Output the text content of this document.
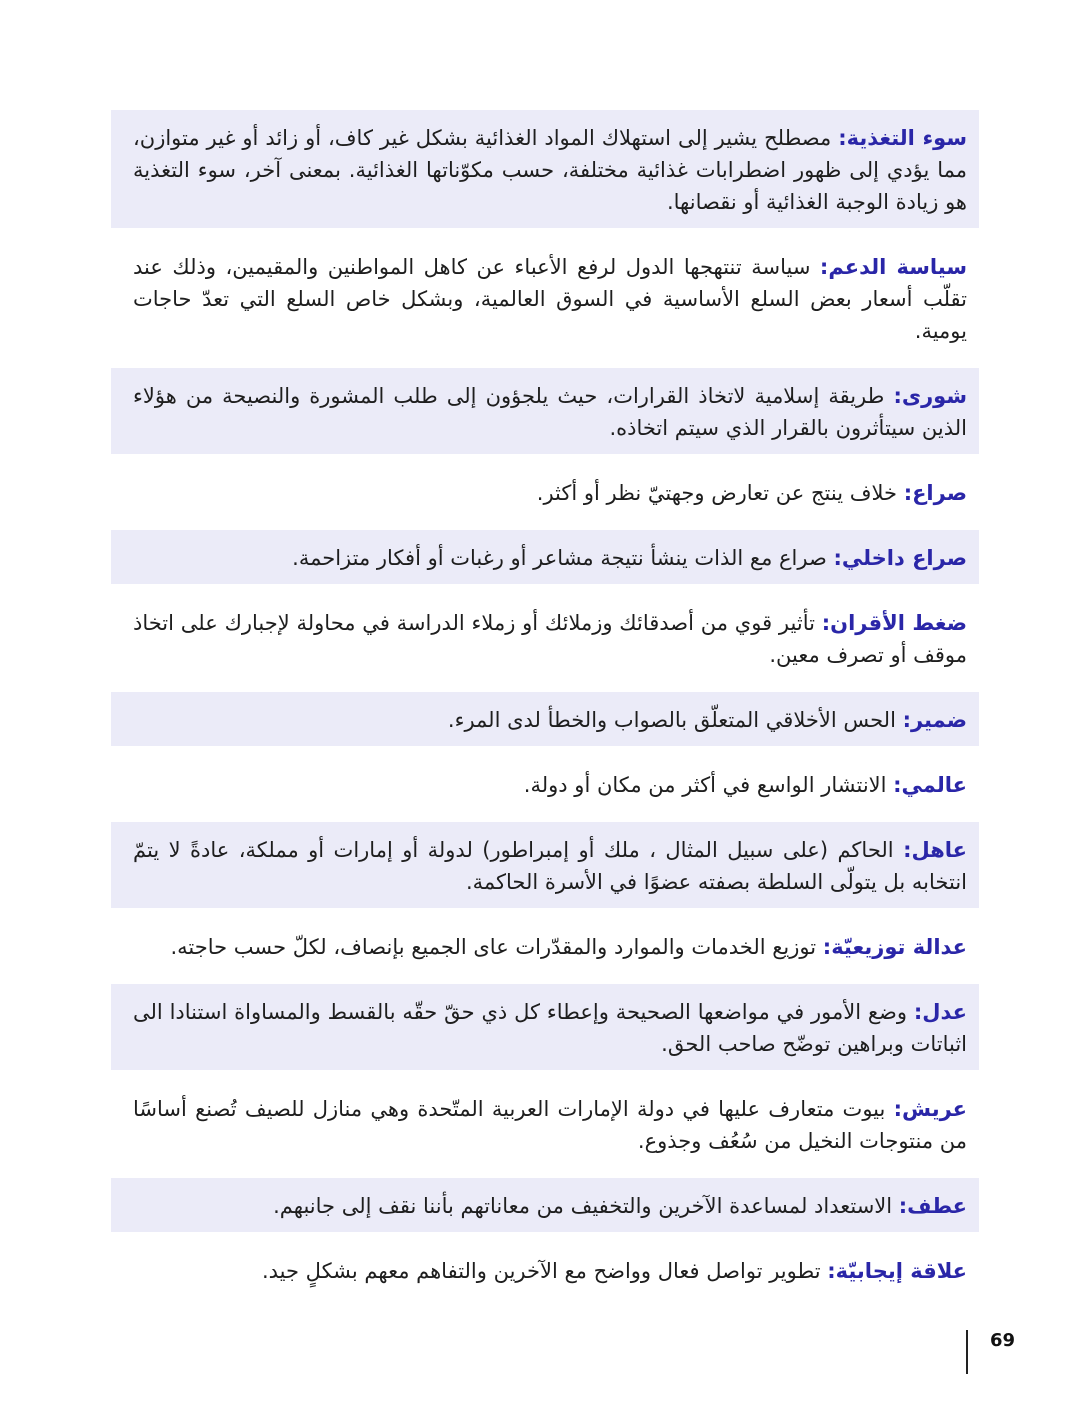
سوء التغذية: مصطلح يشير إلى استهلاك المواد الغذائية بشكل غير كاف، أو زائد أو غير متوازن، مما يؤدي إلى ظهور اضطرابات غذائية مختلفة، حسب مكوّناتها الغذائية. بمعنى آخر، سوء التغذية هو زيادة الوجبة الغذائية أو نقصانها.
سياسة الدعم: سياسة تنتهجها الدول لرفع الأعباء عن كاهل المواطنين والمقيمين، وذلك عند تقلّب أسعار بعض السلع الأساسية في السوق العالمية، وبشكل خاص السلع التي تعدّ حاجات يومية.
شورى: طريقة إسلامية لاتخاذ القرارات، حيث يلجؤون إلى طلب المشورة والنصيحة من هؤلاء الذين سيتأثرون بالقرار الذي سيتم اتخاذه.
صراع: خلاف ينتج عن تعارض وجهتيّ نظر أو أكثر.
صراع داخلي: صراع مع الذات ينشأ نتيجة مشاعر أو رغبات أو أفكار متزاحمة.
ضغط الأقران: تأثير قوي من أصدقائك وزملائك أو زملاء الدراسة في محاولة لإجبارك على اتخاذ موقف أو تصرف معين.
ضمير: الحس الأخلاقي المتعلّق بالصواب والخطأ لدى المرء.
عالمي: الانتشار الواسع في أكثر من مكان أو دولة.
عاهل: الحاكم (على سبيل المثال ، ملك أو إمبراطور) لدولة أو إمارات أو مملكة، عادةً لا يتمّ انتخابه بل يتولّى السلطة بصفته عضوًا في الأسرة الحاكمة.
عدالة توزيعيّة: توزيع الخدمات والموارد والمقدّرات عاى الجميع بإنصاف، لكلّ حسب حاجته.
عدل: وضع الأمور في مواضعها الصحيحة وإعطاء كل ذي حقّ حقّه بالقسط والمساواة استنادا الى اثباتات وبراهين توضّح صاحب الحق.
عريش: بيوت متعارف عليها في دولة الإمارات العربية المتّحدة وهي منازل للصيف تُصنع أساسًا من منتوجات النخيل من سُعُف وجذوع.
عطف: الاستعداد لمساعدة الآخرين والتخفيف من معاناتهم بأننا نقف إلى جانبهم.
علاقة إيجابيّة: تطوير تواصل فعال وواضح مع الآخرين والتفاهم معهم بشكلٍ جيد.
69
